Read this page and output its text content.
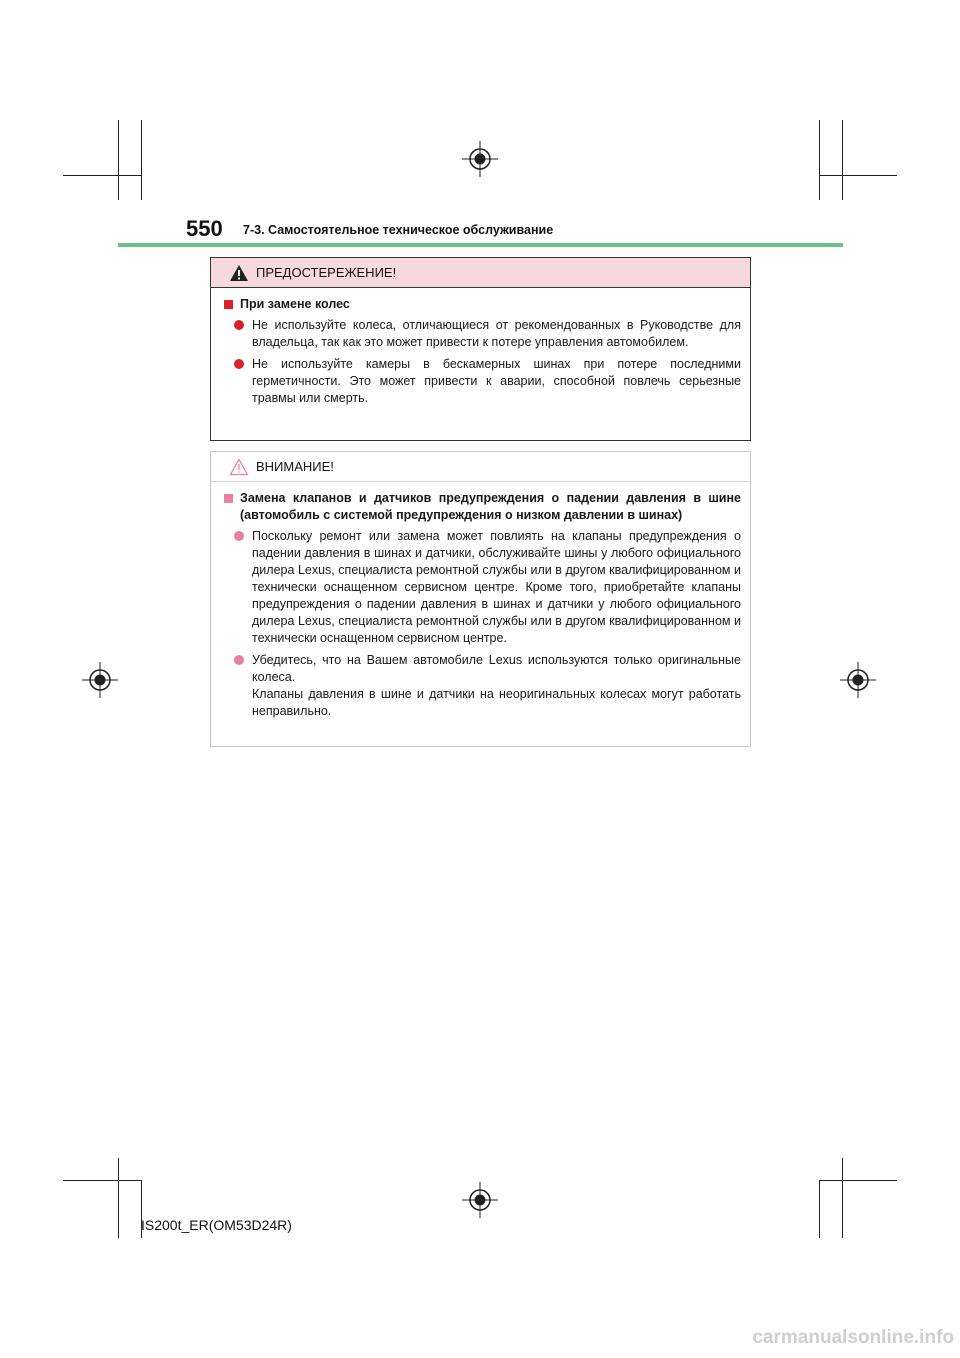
550 7-3. Самостоятельное техническое обслуживание
ПРЕДОСТЕРЕЖЕНИЕ!
При замене колес
Не используйте колеса, отличающиеся от рекомендованных в Руководстве для владельца, так как это может привести к потере управления автомобилем.
Не используйте камеры в бескамерных шинах при потере последними герметичности. Это может привести к аварии, способной повлечь серьезные травмы или смерть.
ВНИМАНИЕ!
Замена клапанов и датчиков предупреждения о падении давления в шине (автомобиль с системой предупреждения о низком давлении в шинах)

Поскольку ремонт или замена может повлиять на клапаны предупреждения о падении давления в шинах и датчики, обслуживайте шины у любого официального дилера Lexus, специалиста ремонтной службы или в другом квалифицированном и технически оснащенном сервисном центре. Кроме того, приобретайте клапаны предупреждения о падении давления в шинах и датчики у любого официального дилера Lexus, специалиста ремонтной службы или в другом квалифицированном и технически оснащенном сервисном центре.

Убедитесь, что на Вашем автомобиле Lexus используются только оригинальные колеса.

Клапаны давления в шине и датчики на неоригинальных колесах могут работать неправильно.

IS200t_ER(OM53D24R)
carmanualsonline.info
